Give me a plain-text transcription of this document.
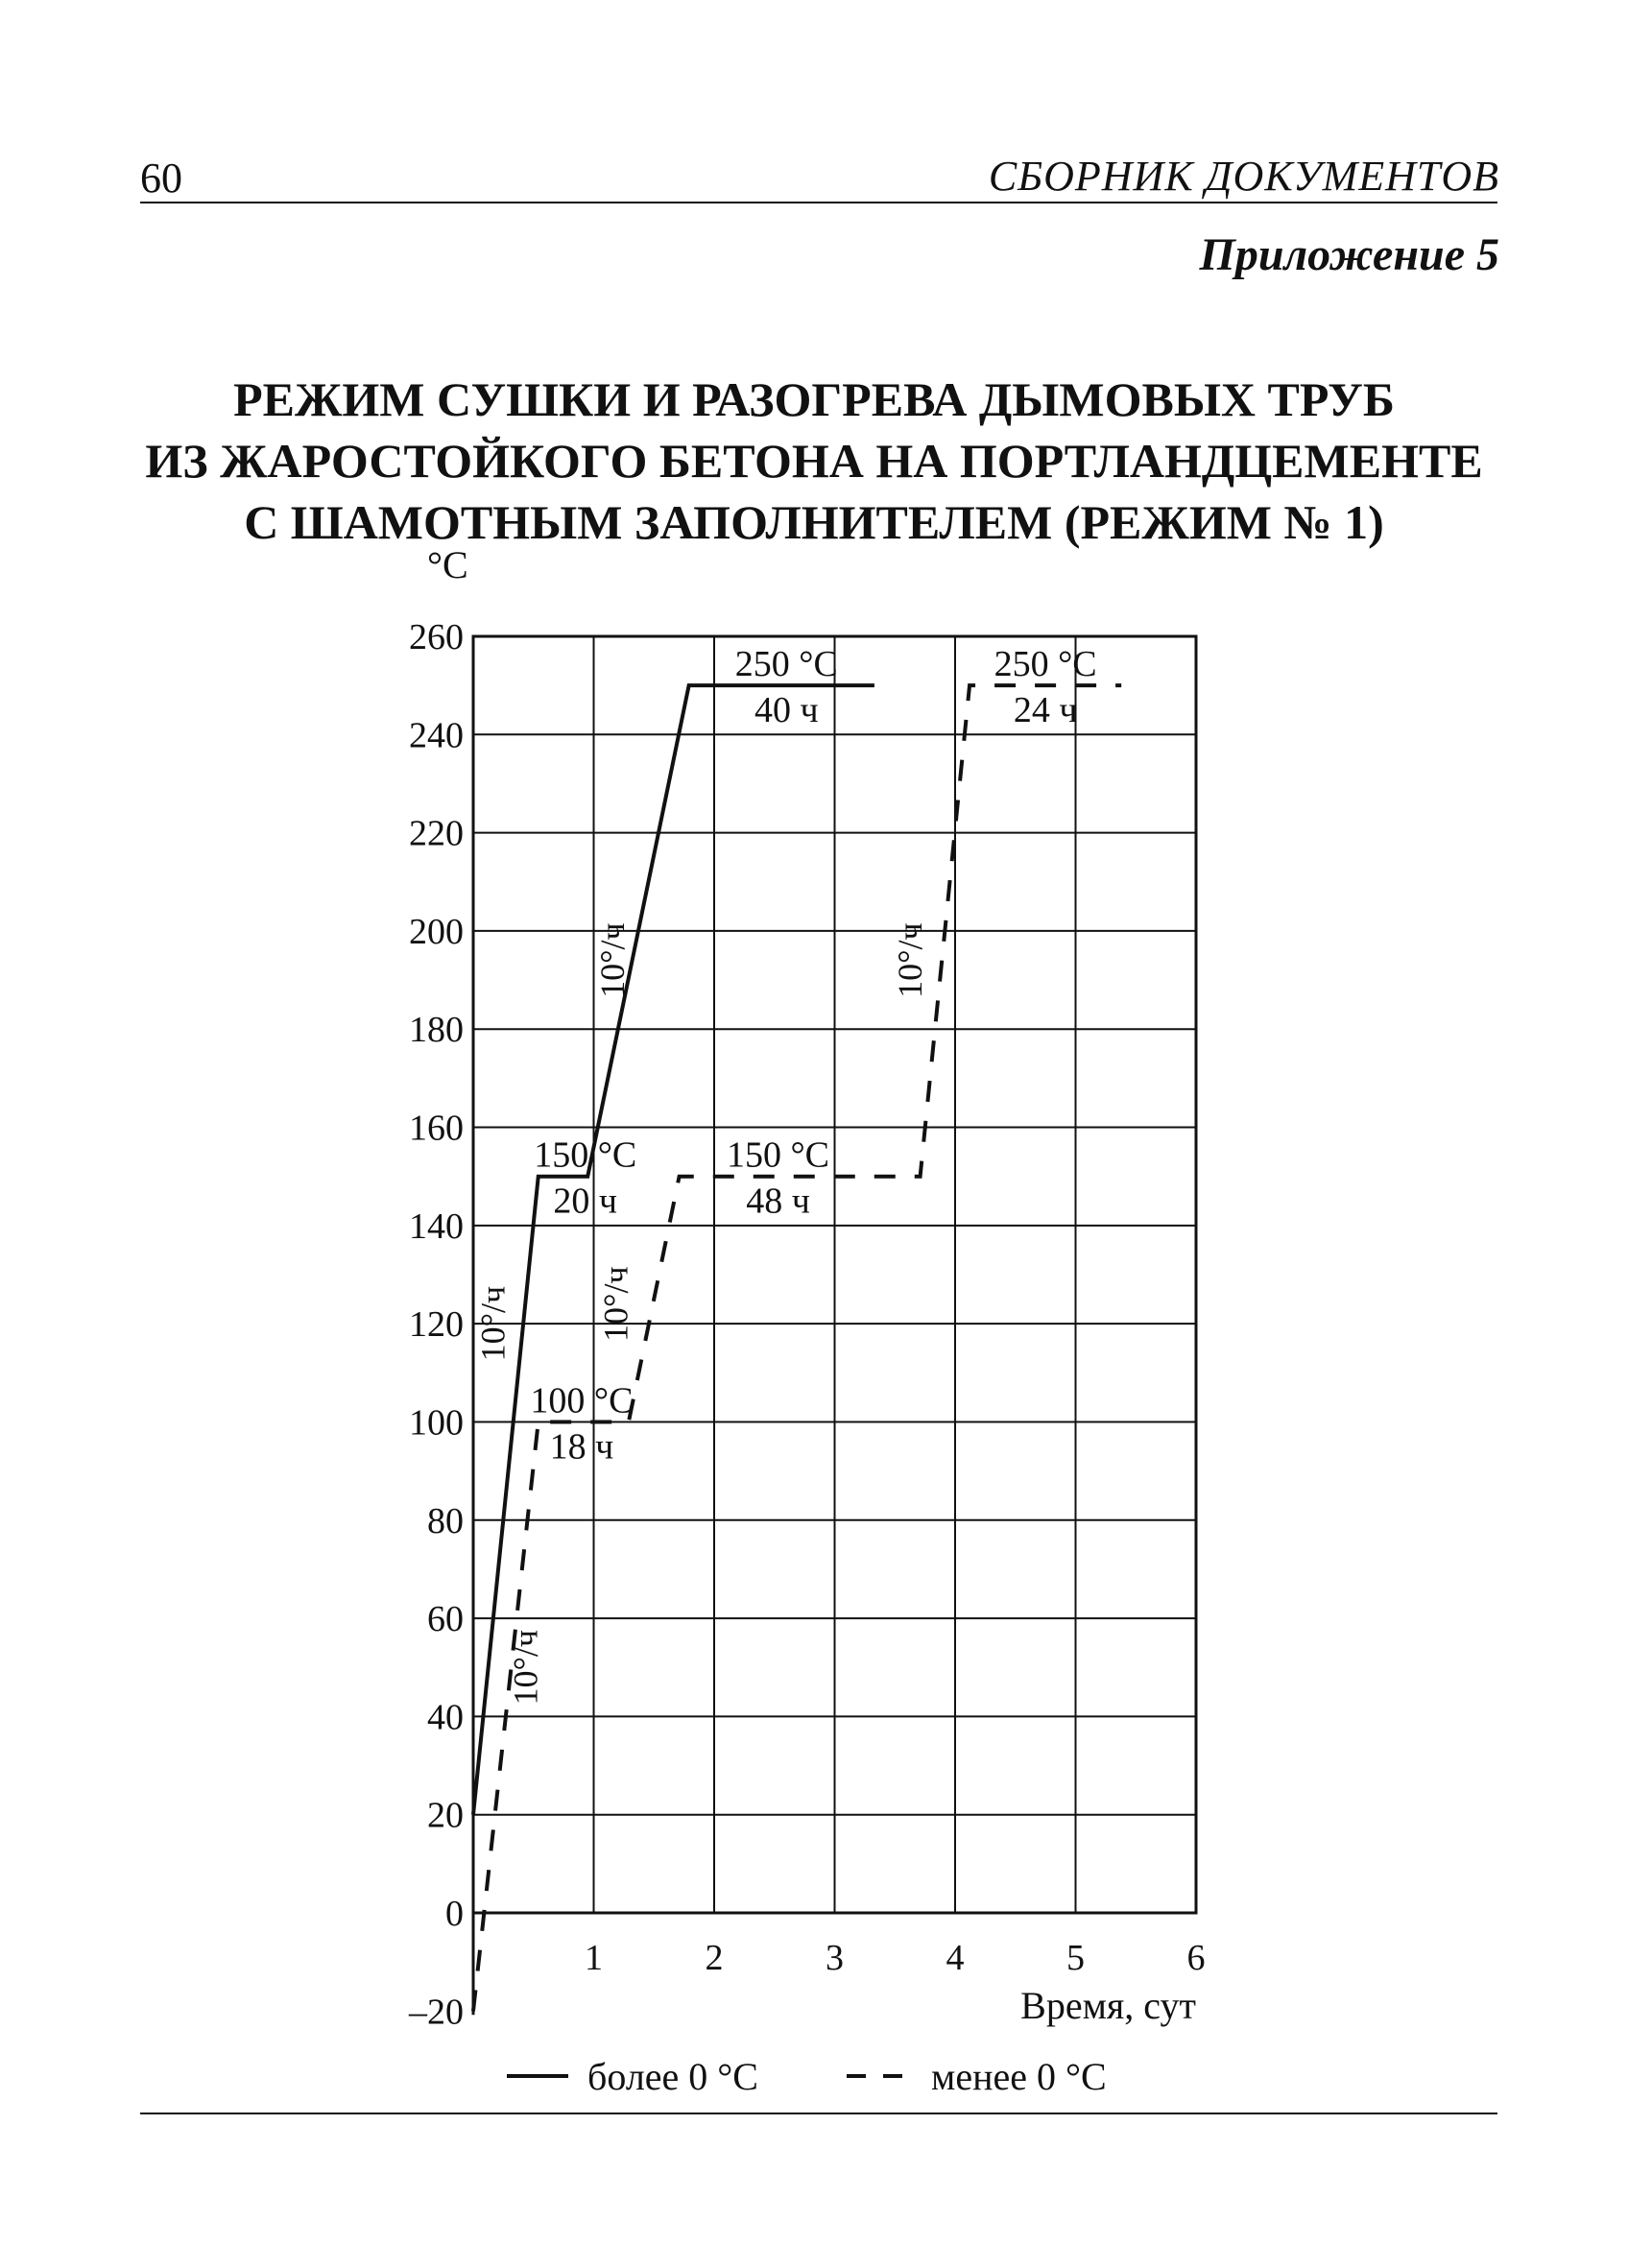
60	СБОРНИК ДОКУМЕНТОВ
Приложение 5
РЕЖИМ СУШКИ И РАЗОГРЕВА ДЫМОВЫХ ТРУБ
ИЗ ЖАРОСТОЙКОГО БЕТОНА НА ПОРТЛАНДЦЕМЕНТЕ
С ШАМОТНЫМ ЗАПОЛНИТЕЛЕМ (РЕЖИМ № 1)
–20
0
20
40
60
80
100
120
140
160
180
200
220
240
260
1	2	3	4	5	6
°С
Время, сут
250 °С
40 ч
250 °С
24 ч
150 °С
20 ч
150 °С
48 ч
100 °С
18 ч
10°/ч
10°/ч
10°/ч
10°/ч	10°/ч
более 0 °С	менее 0 °С
